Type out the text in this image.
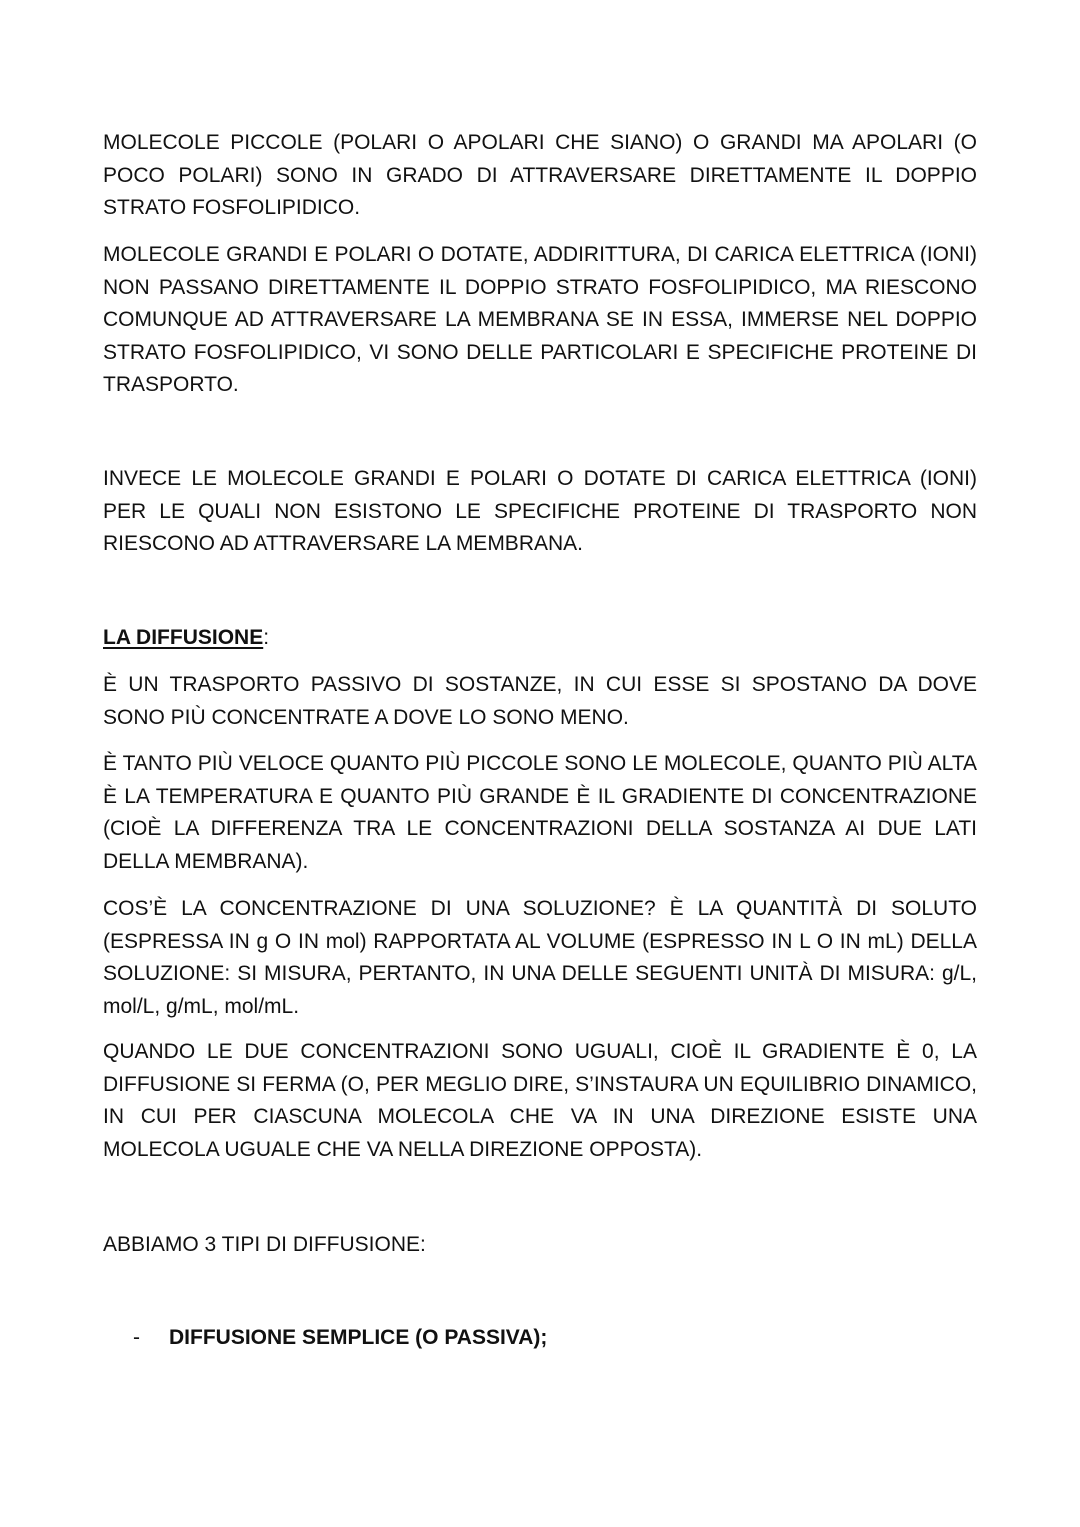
MOLECOLE PICCOLE (POLARI O APOLARI CHE SIANO) O GRANDI MA APOLARI (O POCO POLARI) SONO IN GRADO DI ATTRAVERSARE DIRETTAMENTE IL DOPPIO STRATO FOSFOLIPIDICO.

MOLECOLE GRANDI E POLARI O DOTATE, ADDIRITTURA, DI CARICA ELETTRICA (IONI) NON PASSANO DIRETTAMENTE IL DOPPIO STRATO FOSFOLIPIDICO, MA RIESCONO COMUNQUE AD ATTRAVERSARE LA MEMBRANA SE IN ESSA, IMMERSE NEL DOPPIO STRATO FOSFOLIPIDICO, VI SONO DELLE PARTICOLARI E SPECIFICHE PROTEINE DI TRASPORTO.

INVECE LE MOLECOLE GRANDI E POLARI O DOTATE DI CARICA ELETTRICA (IONI) PER LE QUALI NON ESISTONO LE SPECIFICHE PROTEINE DI TRASPORTO NON RIESCONO AD ATTRAVERSARE LA MEMBRANA.

LA DIFFUSIONE:

È UN TRASPORTO PASSIVO DI SOSTANZE, IN CUI ESSE SI SPOSTANO DA DOVE SONO PIÙ CONCENTRATE A DOVE LO SONO MENO.

È TANTO PIÙ VELOCE QUANTO PIÙ PICCOLE SONO LE MOLECOLE, QUANTO PIÙ ALTA È LA TEMPERATURA E QUANTO PIÙ GRANDE È IL GRADIENTE DI CONCENTRAZIONE (CIOÈ LA DIFFERENZA TRA LE CONCENTRAZIONI DELLA SOSTANZA AI DUE LATI DELLA MEMBRANA).

COS’È LA CONCENTRAZIONE DI UNA SOLUZIONE? È LA QUANTITÀ DI SOLUTO (ESPRESSA IN g O IN mol) RAPPORTATA AL VOLUME (ESPRESSO IN L O IN mL) DELLA SOLUZIONE: SI MISURA, PERTANTO, IN UNA DELLE SEGUENTI UNITÀ DI MISURA: g/L, mol/L, g/mL, mol/mL.

QUANDO LE DUE CONCENTRAZIONI SONO UGUALI, CIOÈ IL GRADIENTE È 0, LA DIFFUSIONE SI FERMA (O, PER MEGLIO DIRE, S’INSTAURA UN EQUILIBRIO DINAMICO, IN CUI PER CIASCUNA MOLECOLA CHE VA IN UNA DIREZIONE ESISTE UNA MOLECOLA UGUALE CHE VA NELLA DIREZIONE OPPOSTA).

ABBIAMO 3 TIPI DI DIFFUSIONE:

- DIFFUSIONE SEMPLICE (O PASSIVA);
